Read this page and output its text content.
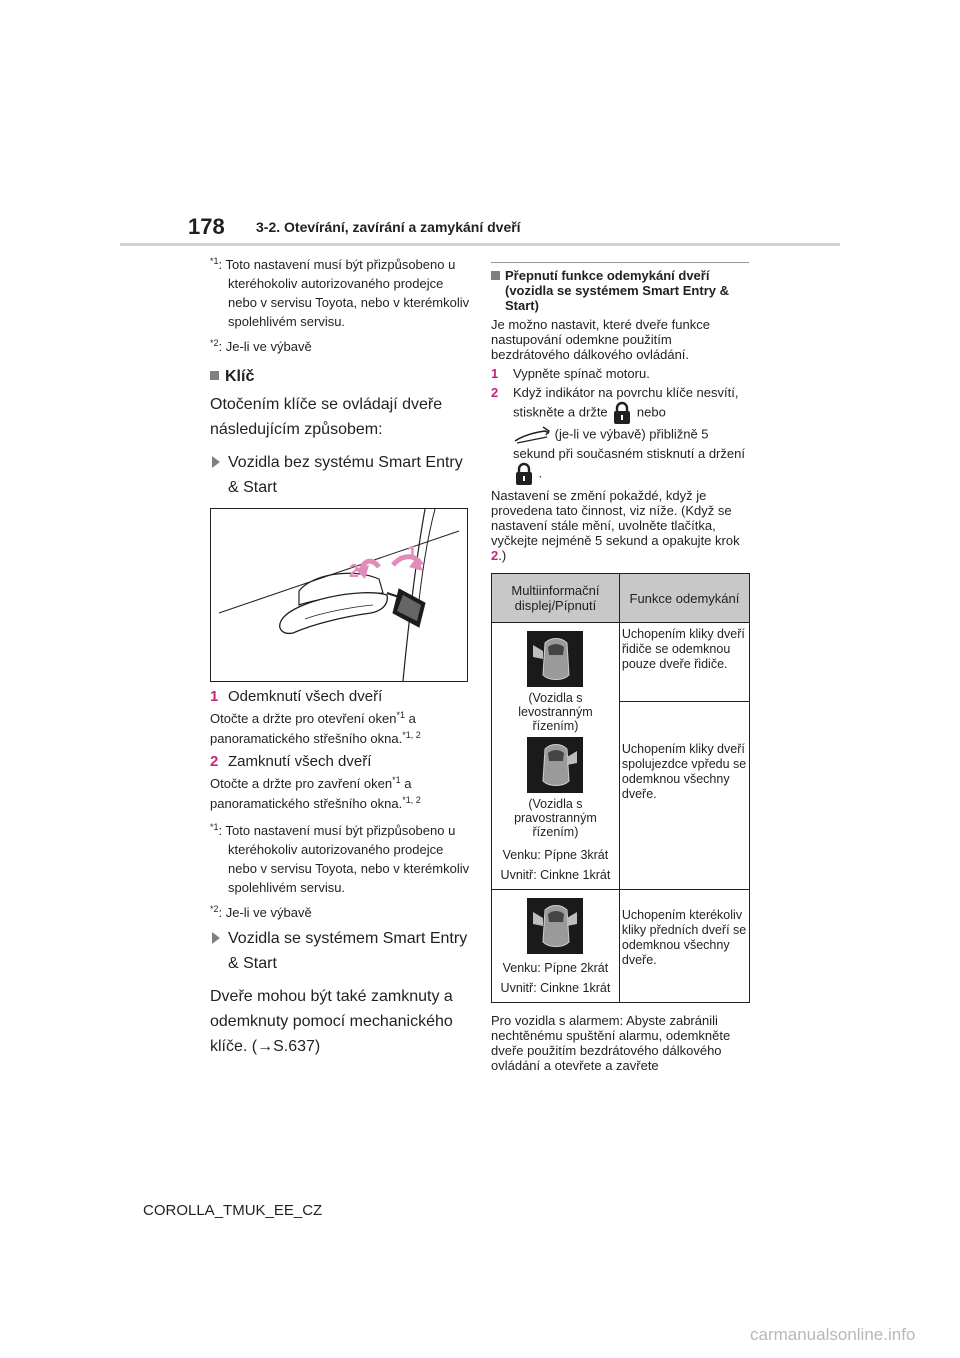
178 3-2. Otevírání, zavírání a zamykání dveří

$^{*1}$: Toto nastavení musí být přizpůsobeno u kteréhokoliv autorizovaného prodejce nebo v servisu Toyota, nebo v kterémkoliv spolehlivém servisu.

$^{*2}$: Je-li ve výbavě

Klíč

Otočením klíče se ovládají dveře následujícím způsobem:

Vozidla bez systému Smart Entry & Start
1
2
1 Odemknutí všech dveří

Otočte a držte pro otevření oken$^{*1}$ a panoramatického střešního okna.$^{*1, 2}$

2 Zamknutí všech dveří

Otočte a držte pro zavření oken$^{*1}$ a panoramatického střešního okna.$^{*1, 2}$

$^{*1}$: Toto nastavení musí být přizpůsobeno u kteréhokoliv autorizovaného prodejce nebo v servisu Toyota, nebo v kterémkoliv spolehlivém servisu.

$^{*2}$: Je-li ve výbavě

Vozidla se systémem Smart Entry & Start

Dveře mohou být také zamknuty a odemknuty pomocí mechanického klíče. (→S.637)

Přepnutí funkce odemykání dveří (vozidla se systémem Smart Entry & Start)

Je možno nastavit, které dveře funkce nastupování odemkne použitím bezdrátového dálkového ovládání.

1 Vypněte spínač motoru.
2 Když indikátor na povrchu klíče nesvítí, stiskněte a držte nebo
(je-li ve výbavě) přibližně 5 sekund při současném stisknutí a držení  .

Nastavení se změní pokaždé, když je provedena tato činnost, viz níže. (Když se nastavení stále mění, uvolněte tlačítka, vyčkejte nejméně 5 sekund a opakujte krok 2.)

Multiinformační displej/Pípnutí	Funkce odemykání

(Vozidla s levostranným řízením)
(Vozidla s pravostranným řízením)
Venku: Pípne 3krát Uvnitř: Cinkne 1krát	Uchopením kliky dveří řidiče se odemknou pouze dveře řidiče.
	Uchopením kliky dveří spolujezdce vpředu se odemknou všechny dveře.

Venku: Pípne 2krát Uvnitř: Cinkne 1krát	Uchopením kterékoliv kliky předních dveří se odemknou všechny dveře.

Pro vozidla s alarmem: Abyste zabránili nechtěnému spuštění alarmu, odemkněte dveře použitím bezdrátového dálkového ovládání a otevřete a zavřete

COROLLA_TMUK_EE_CZ
carmanualsonline.info
